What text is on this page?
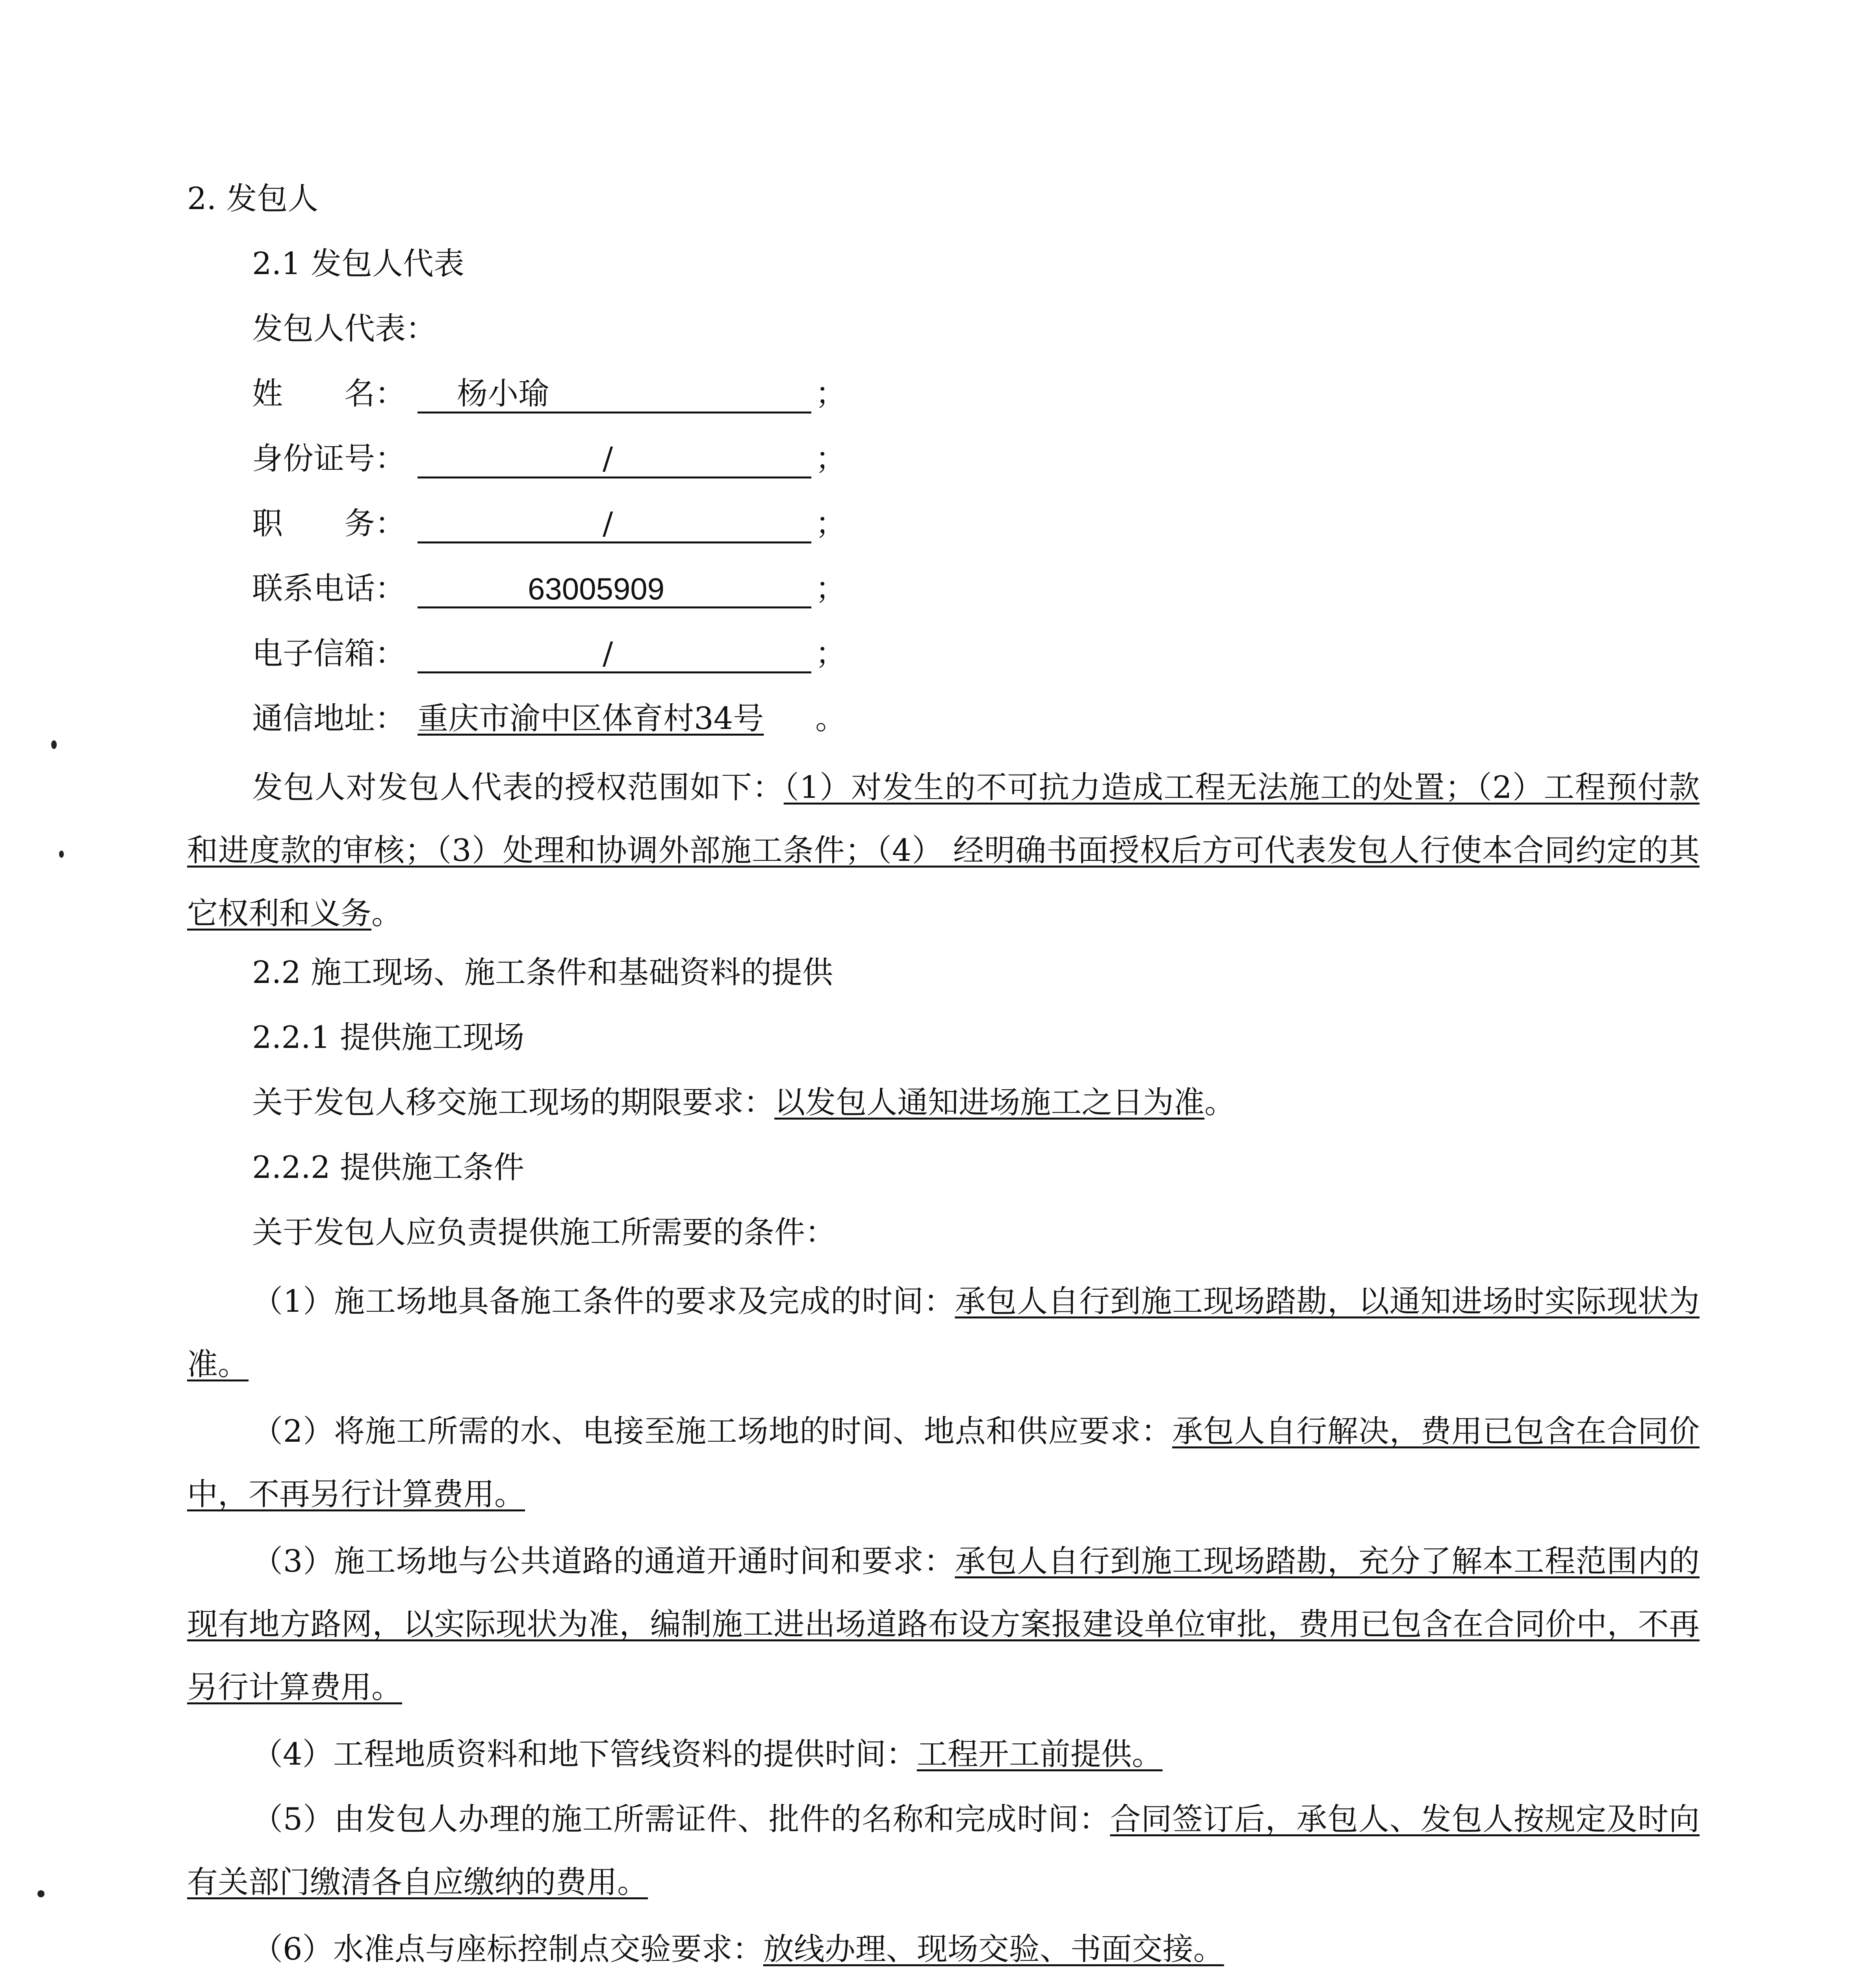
2. 发包人
2.1 发包人代表
发包人代表：
姓　　名： 杨小瑜	；
身份证号：	/	；
职　　务：	/	；
联系电话：	63005909	；
电子信箱：	/	；
通信地址： 重庆市渝中区体育村34号 。
发包人对发包人代表的授权范围如下：（1）对发生的不可抗力造成工程无法施工的处置；（2）工程预付款和进度款的审核；（3）处理和协调外部施工条件；（4） 经明确书面授权后方可代表发包人行使本合同约定的其它权利和义务。
2.2 施工现场、施工条件和基础资料的提供
2.2.1 提供施工现场
关于发包人移交施工现场的期限要求：以发包人通知进场施工之日为准。
2.2.2 提供施工条件
关于发包人应负责提供施工所需要的条件：
（1）施工场地具备施工条件的要求及完成的时间：承包人自行到施工现场踏勘，以通知进场时实际现状为准。
（2）将施工所需的水、电接至施工场地的时间、地点和供应要求：承包人自行解决，费用已包含在合同价中，不再另行计算费用。
（3）施工场地与公共道路的通道开通时间和要求：承包人自行到施工现场踏勘，充分了解本工程范围内的现有地方路网，以实际现状为准，编制施工进出场道路布设方案报建设单位审批，费用已包含在合同价中，不再另行计算费用。
（4）工程地质资料和地下管线资料的提供时间：工程开工前提供。
（5）由发包人办理的施工所需证件、批件的名称和完成时间：合同签订后，承包人、发包人按规定及时向有关部门缴清各自应缴纳的费用。
（6）水准点与座标控制点交验要求：放线办理、现场交验、书面交接。
